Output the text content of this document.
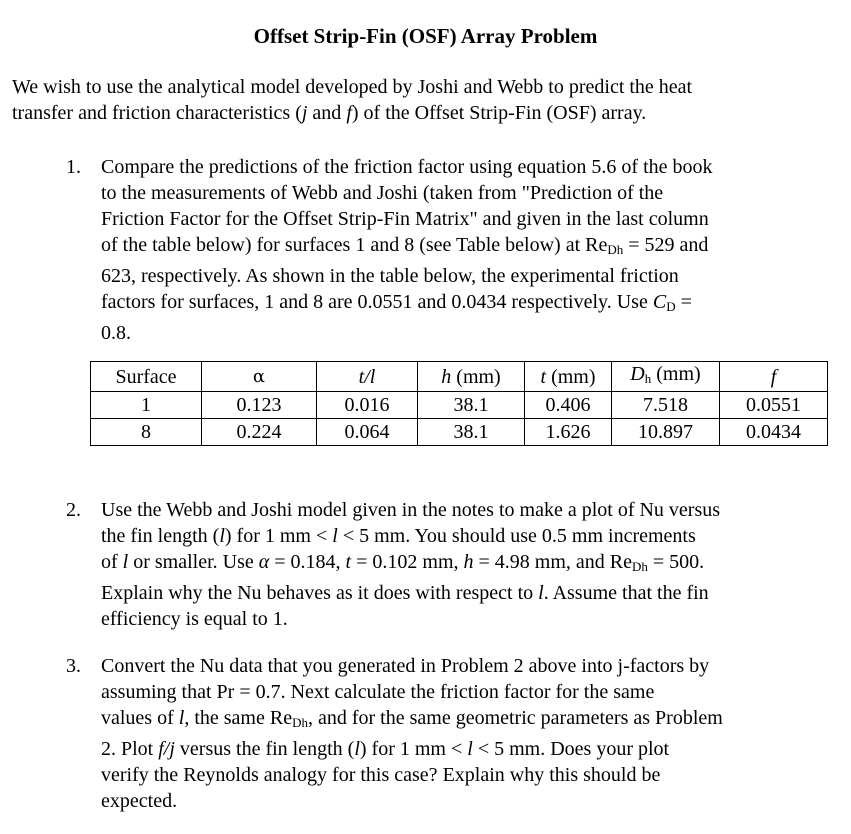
Offset Strip-Fin (OSF) Array Problem
We wish to use the analytical model developed by Joshi and Webb to predict the heat
transfer and friction characteristics (j and f) of the Offset Strip-Fin (OSF) array.
1. Compare the predictions of the friction factor using equation 5.6 of the book
to the measurements of Webb and Joshi (taken from "Prediction of the
Friction Factor for the Offset Strip-Fin Matrix" and given in the last column
of the table below) for surfaces 1 and 8 (see Table below) at $Re_{Dh} = 529$ and
623, respectively. As shown in the table below, the experimental friction
factors for surfaces, 1 and 8 are 0.0551 and 0.0434 respectively. Use $C_D$ =
0.8.
Surface	α	t/l	h (mm)	t (mm)	Dh (mm)	f
1	0.123	0.016	38.1	0.406	7.518	0.0551
8	0.224	0.064	38.1	1.626	10.897	0.0434
2. Use the Webb and Joshi model given in the notes to make a plot of Nu versus
the fin length (l) for 1 mm < l < 5 mm. You should use 0.5 mm increments
of l or smaller. Use α = 0.184, t = 0.102 mm, h = 4.98 mm, and $Re_{Dh} = 500$.
Explain why the Nu behaves as it does with respect to l. Assume that the fin
efficiency is equal to 1.
3. Convert the Nu data that you generated in Problem 2 above into j-factors by
assuming that Pr = 0.7. Next calculate the friction factor for the same
values of l, the same $Re_{Dh}$, and for the same geometric parameters as Problem
2. Plot f/j versus the fin length (l) for 1 mm < l < 5 mm. Does your plot
verify the Reynolds analogy for this case? Explain why this should be
expected.
